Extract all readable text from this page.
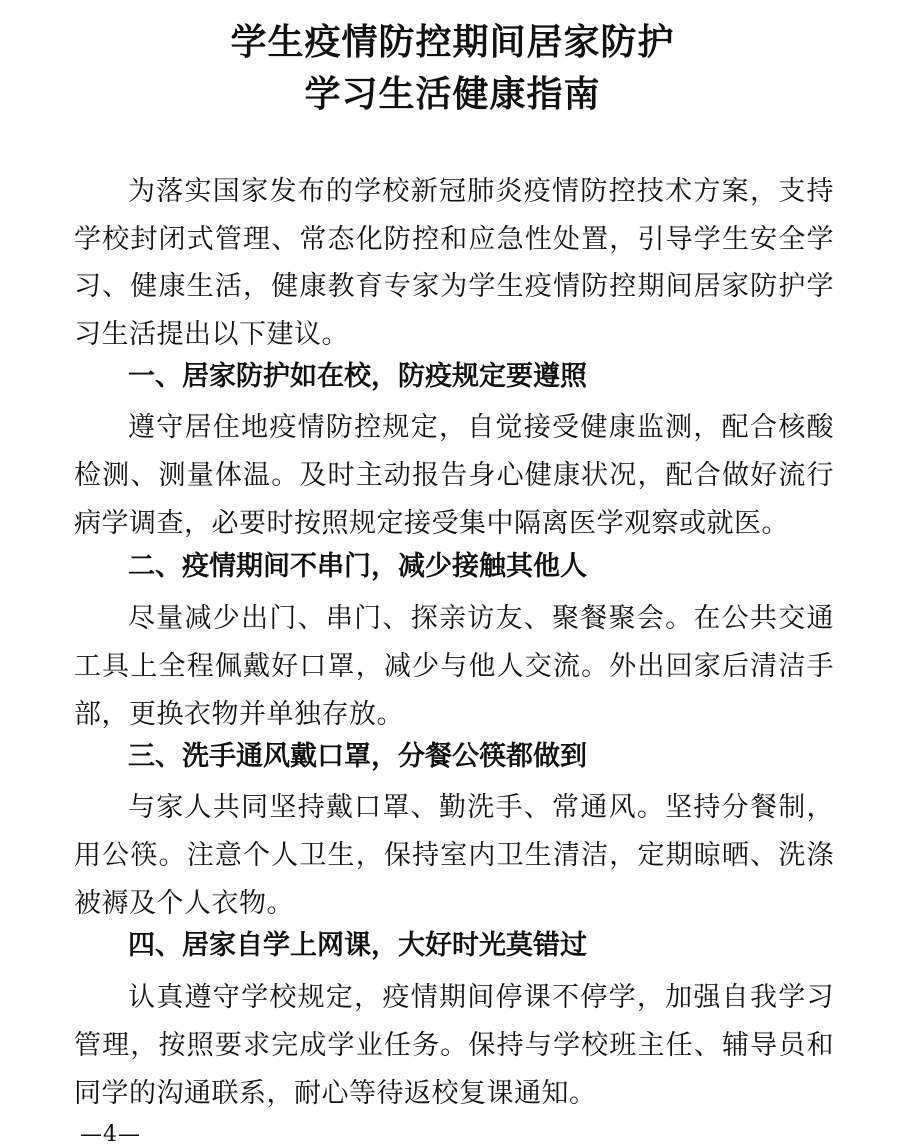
学生疫情防控期间居家防护
学习生活健康指南

为落实国家发布的学校新冠肺炎疫情防控技术方案，支持学校封闭式管理、常态化防控和应急性处置，引导学生安全学习、健康生活，健康教育专家为学生疫情防控期间居家防护学习生活提出以下建议。

一、居家防护如在校，防疫规定要遵照

遵守居住地疫情防控规定，自觉接受健康监测，配合核酸检测、测量体温。及时主动报告身心健康状况，配合做好流行病学调查，必要时按照规定接受集中隔离医学观察或就医。

二、疫情期间不串门，减少接触其他人

尽量减少出门、串门、探亲访友、聚餐聚会。在公共交通工具上全程佩戴好口罩，减少与他人交流。外出回家后清洁手部，更换衣物并单独存放。

三、洗手通风戴口罩，分餐公筷都做到

与家人共同坚持戴口罩、勤洗手、常通风。坚持分餐制，用公筷。注意个人卫生，保持室内卫生清洁，定期晾晒、洗涤被褥及个人衣物。

四、居家自学上网课，大好时光莫错过

认真遵守学校规定，疫情期间停课不停学，加强自我学习管理，按照要求完成学业任务。保持与学校班主任、辅导员和同学的沟通联系，耐心等待返校复课通知。

—4—
